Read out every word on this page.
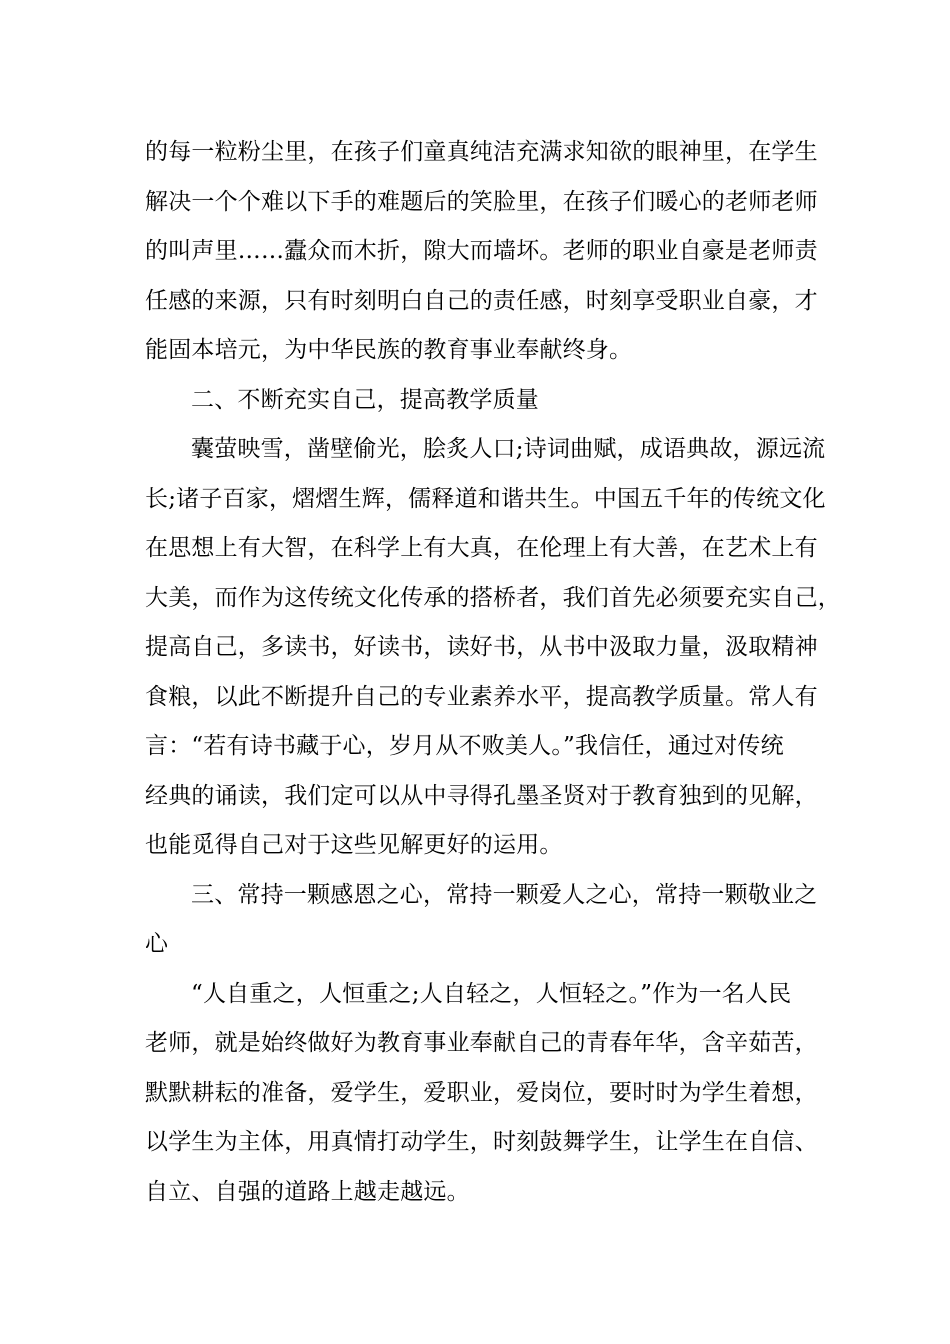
的每一粒粉尘里，在孩子们童真纯洁充满求知欲的眼神里，在学生
解决一个个难以下手的难题后的笑脸里，在孩子们暖心的老师老师
的叫声里……蠹众而木折，隙大而墙坏。老师的职业自豪是老师责
任感的来源，只有时刻明白自己的责任感，时刻享受职业自豪，才
能固本培元，为中华民族的教育事业奉献终身。
二、不断充实自己，提高教学质量
囊萤映雪，凿壁偷光，脍炙人口;诗词曲赋，成语典故，源远流
长;诸子百家，熠熠生辉，儒释道和谐共生。中国五千年的传统文化
在思想上有大智，在科学上有大真，在伦理上有大善，在艺术上有
大美，而作为这传统文化传承的搭桥者，我们首先必须要充实自己，
提高自己，多读书，好读书，读好书，从书中汲取力量，汲取精神
食粮，以此不断提升自己的专业素养水平，提高教学质量。常人有
言：“若有诗书藏于心，岁月从不败美人。”我信任，通过对传统
经典的诵读，我们定可以从中寻得孔墨圣贤对于教育独到的见解，
也能觅得自己对于这些见解更好的运用。
三、常持一颗感恩之心，常持一颗爱人之心，常持一颗敬业之
心
“人自重之，人恒重之;人自轻之，人恒轻之。”作为一名人民
老师，就是始终做好为教育事业奉献自己的青春年华，含辛茹苦，
默默耕耘的准备，爱学生，爱职业，爱岗位，要时时为学生着想，
以学生为主体，用真情打动学生，时刻鼓舞学生，让学生在自信、
自立、自强的道路上越走越远。
